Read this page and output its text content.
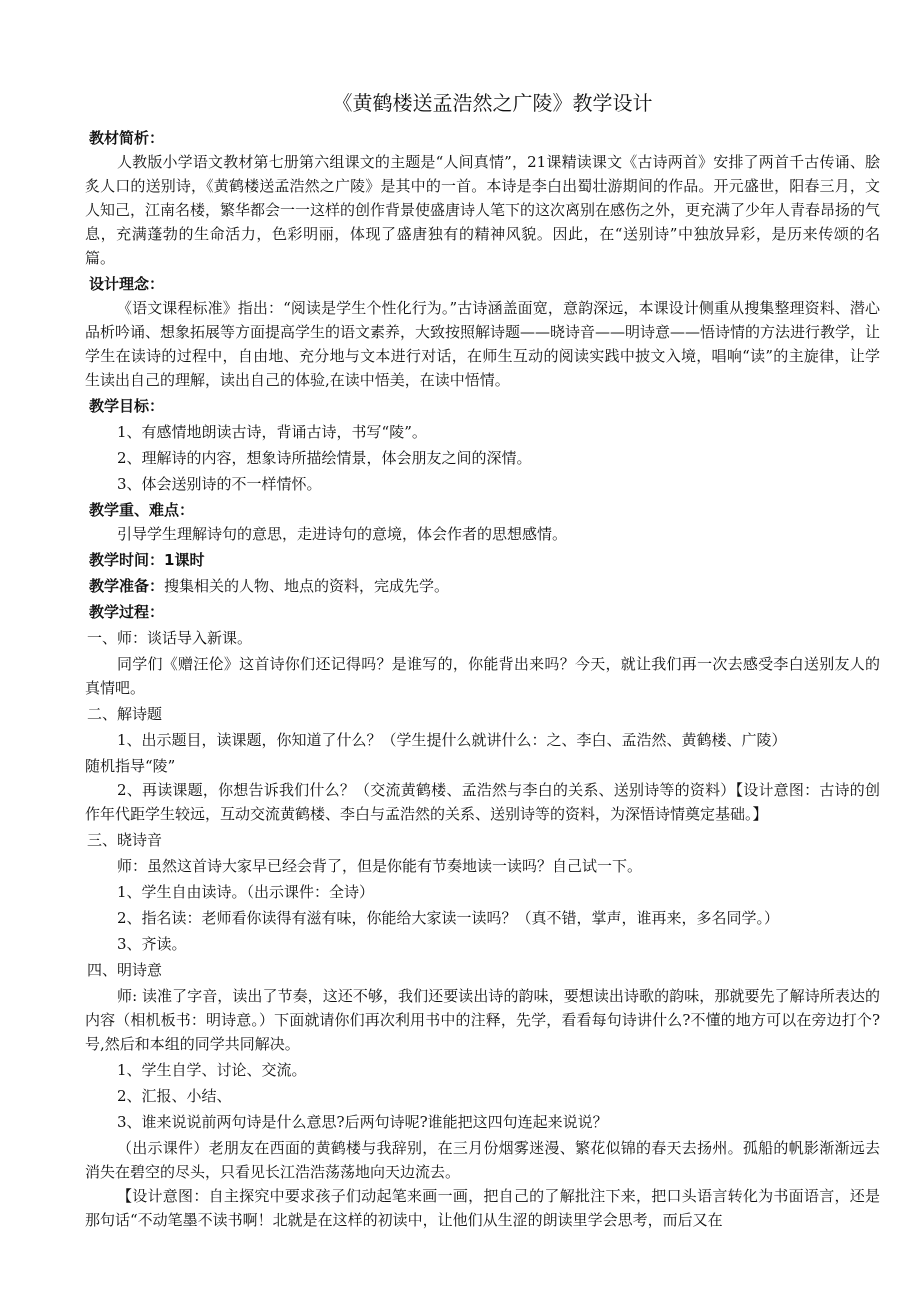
《黄鹤楼送孟浩然之广陵》教学设计
教材简析：

人教版小学语文教材第七册第六组课文的主题是“人间真情”，21课精读课文《古诗两首》安排了两首千古传诵、脍炙人口的送别诗，《黄鹤楼送孟浩然之广陵》是其中的一首。本诗是李白出蜀壮游期间的作品。开元盛世，阳春三月，文人知己，江南名楼，繁华都会一一这样的创作背景使盛唐诗人笔下的这次离别在感伤之外，更充满了少年人青春昂扬的气息，充满蓬勃的生命活力，色彩明丽，体现了盛唐独有的精神风貌。因此，在“送别诗”中独放异彩，是历来传颂的名篇。

设计理念：

《语文课程标准》指出：“阅读是学生个性化行为。”古诗涵盖面宽，意韵深远，本课设计侧重从搜集整理资料、潜心品析吟诵、想象拓展等方面提高学生的语文素养，大致按照解诗题——晓诗音——明诗意——悟诗情的方法进行教学，让学生在读诗的过程中，自由地、充分地与文本进行对话，在师生互动的阅读实践中披文入境，唱响“读”的主旋律，让学生读出自己的理解，读出自己的体验,在读中悟美，在读中悟情。

教学目标：
1、有感情地朗读古诗，背诵古诗，书写“陵”。
2、理解诗的内容，想象诗所描绘情景，体会朋友之间的深情。
3、体会送别诗的不一样情怀。
教学重、难点：

引导学生理解诗句的意思，走进诗句的意境，体会作者的思想感情。

教学时间：1课时
教学准备：搜集相关的人物、地点的资料，完成先学。
教学过程：
一、师：谈话导入新课。

同学们《赠汪伦》这首诗你们还记得吗？是谁写的，你能背出来吗？今天，就让我们再一次去感受李白送别友人的真情吧。

二、解诗题
1、出示题目，读课题，你知道了什么？（学生提什么就讲什么：之、李白、孟浩然、黄鹤楼、广陵）
随机指导“陵”

2、再读课题，你想告诉我们什么？（交流黄鹤楼、孟浩然与李白的关系、送别诗等的资料）【设计意图：古诗的创作年代距学生较远，互动交流黄鹤楼、李白与孟浩然的关系、送别诗等的资料，为深悟诗情奠定基础。】

三、晓诗音
师：虽然这首诗大家早已经会背了，但是你能有节奏地读一读吗？自己试一下。
1、学生自由读诗。（出示课件：全诗）
2、指名读：老师看你读得有滋有味，你能给大家读一读吗？（真不错，掌声，谁再来，多名同学。）
3、齐读。
四、明诗意

师: 读准了字音，读出了节奏，这还不够，我们还要读出诗的韵味，要想读出诗歌的韵味，那就要先了解诗所表达的内容（相机板书：明诗意。）下面就请你们再次利用书中的注释，先学，看看每句诗讲什么?不懂的地方可以在旁边打个?号,然后和本组的同学共同解决。

1、学生自学、讨论、交流。
2、汇报、小结、
3、谁来说说前两句诗是什么意思?后两句诗呢?谁能把这四句连起来说说？

（出示课件）老朋友在西面的黄鹤楼与我辞别，在三月份烟雾迷漫、繁花似锦的春天去扬州。孤船的帆影渐渐远去消失在碧空的尽头，只看见长江浩浩荡荡地向天边流去。

【设计意图：自主探究中要求孩子们动起笔来画一画，把自己的了解批注下来，把口头语言转化为书面语言，还是那句话“不动笔墨不读书啊！北就是在这样的初读中，让他们从生涩的朗读里学会思考，而后又在
